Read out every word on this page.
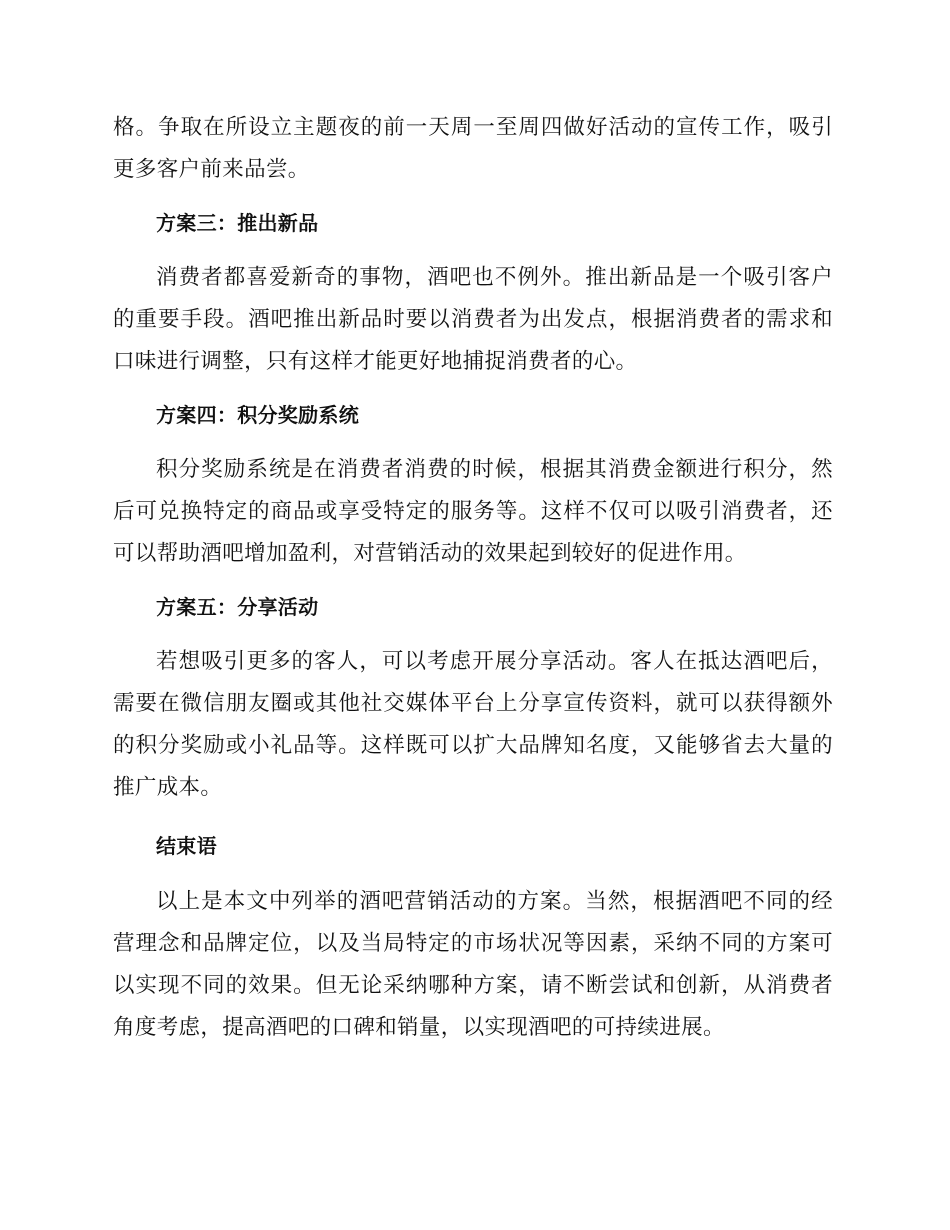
格。争取在所设立主题夜的前一天周一至周四做好活动的宣传工作，吸引更多客户前来品尝。

方案三：推出新品

消费者都喜爱新奇的事物，酒吧也不例外。推出新品是一个吸引客户的重要手段。酒吧推出新品时要以消费者为出发点，根据消费者的需求和口味进行调整，只有这样才能更好地捕捉消费者的心。

方案四：积分奖励系统

积分奖励系统是在消费者消费的时候，根据其消费金额进行积分，然后可兑换特定的商品或享受特定的服务等。这样不仅可以吸引消费者，还可以帮助酒吧增加盈利，对营销活动的效果起到较好的促进作用。

方案五：分享活动

若想吸引更多的客人，可以考虑开展分享活动。客人在抵达酒吧后，需要在微信朋友圈或其他社交媒体平台上分享宣传资料，就可以获得额外的积分奖励或小礼品等。这样既可以扩大品牌知名度，又能够省去大量的推广成本。

结束语

以上是本文中列举的酒吧营销活动的方案。当然，根据酒吧不同的经营理念和品牌定位，以及当局特定的市场状况等因素，采纳不同的方案可以实现不同的效果。但无论采纳哪种方案，请不断尝试和创新，从消费者角度考虑，提高酒吧的口碑和销量，以实现酒吧的可持续进展。
